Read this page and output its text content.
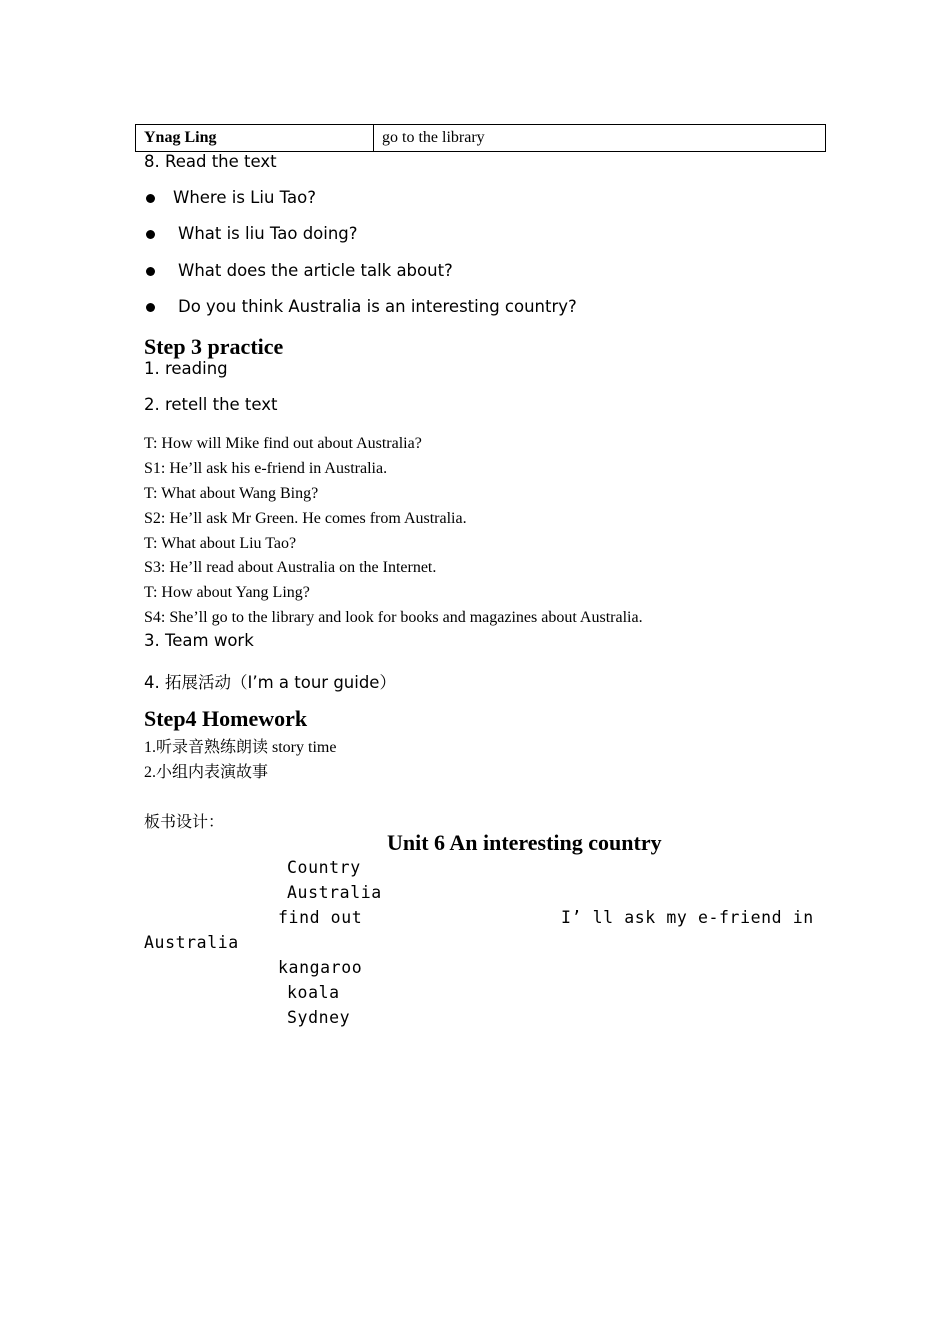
Ynag Ling	go to the library
8. Read the text
Where is Liu Tao?
What is liu Tao doing?
What does the article talk about?
Do you think Australia is an interesting country?
Step 3 practice
1. reading
2. retell the text
T: How will Mike find out about Australia?
S1: He’ll ask his e-friend in Australia.
T: What about Wang Bing?
S2: He’ll ask Mr Green. He comes from Australia.
T: What about Liu Tao?
S3: He’ll read about Australia on the Internet.
T: How about Yang Ling?
S4: She’ll go to the library and look for books and magazines about Australia.
3. Team work
4. 拓展活动（I’m a tour guide）
Step4 Homework
1.听录音熟练朗读 story time
2.小组内表演故事
板书设计：
Unit 6 An interesting country
Country
Australia
find out	I’ ll ask my e-friend in
Australia
kangaroo
koala
Sydney
